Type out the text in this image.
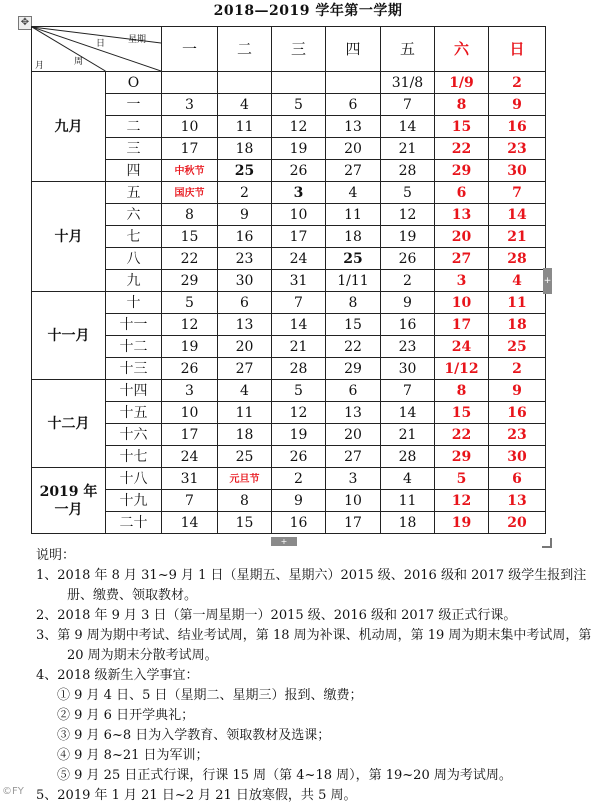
✥
2018—2019 学年第一学期
星期
日
周
月		一	二	三	四	五	六	日
九月	O					31/8	1/9	2
	一	3	4	5	6	7	8	9
	二	10	11	12	13	14	15	16
	三	17	18	19	20	21	22	23
	四	中秋节	25	26	27	28	29	30
十月	五	国庆节	2	3	4	5	6	7
	六	8	9	10	11	12	13	14
	七	15	16	17	18	19	20	21
	八	22	23	24	25	26	27	28
	九	29	30	31	1/11	2	3	4
十一月	十	5	6	7	8	9	10	11
	十一	12	13	14	15	16	17	18
	十二	19	20	21	22	23	24	25
	十三	26	27	28	29	30	1/12	2
十二月	十四	3	4	5	6	7	8	9
	十五	10	11	12	13	14	15	16
	十六	17	18	19	20	21	22	23
	十七	24	25	26	27	28	29	30

2019 年
一月	十八	31	元旦节	2	3	4	5	6
	十九	7	8	9	10	11	12	13
	二十	14	15	16	17	18	19	20
+
+

说明：

1、2018 年 8 月 31~9 月 1 日（星期五、星期六）2015 级、2016 级和 2017 级学生报到注册、缴费、领取教材。

2、2018 年 9 月 3 日（第一周星期一）2015 级、2016 级和 2017 级正式行课。

3、第 9 周为期中考试、结业考试周，第 18 周为补课、机动周，第 19 周为期末集中考试周，第 20 周为期末分散考试周。

4、2018 级新生入学事宜：

① 9 月 4 日、5 日（星期二、星期三）报到、缴费；

② 9 月 6 日开学典礼；

③ 9 月 6~8 日为入学教育、领取教材及选课；

④ 9 月 8~21 日为军训；

⑤ 9 月 25 日正式行课，行课 15 周（第 4~18 周），第 19~20 周为考试周。

5、2019 年 1 月 21 日~2 月 21 日放寒假，共 5 周。

©FY
